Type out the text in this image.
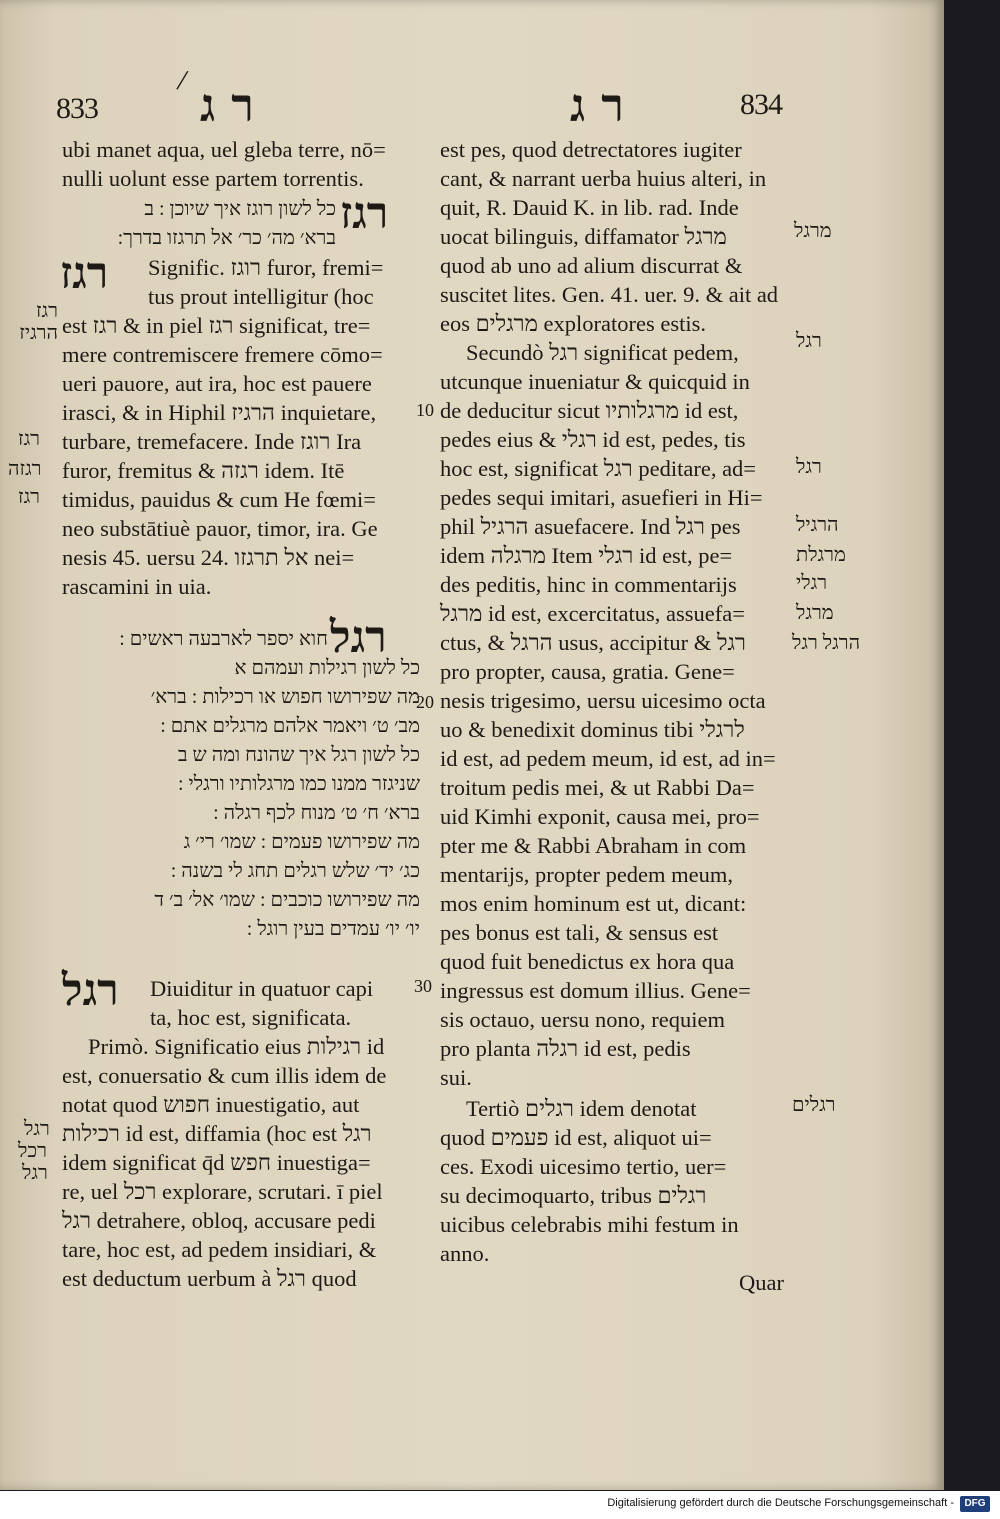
/
833 ר ג	ר ג	834
ubi manet aqua, uel gleba terre, nō=
nulli uolunt esse partem torrentis.
רגז
כל לשון רוגז איך שיוכן : ב
ברא׳ מה׳ כר׳ אל תרגזו בדרך:
רגז	Signific. רוגז furor, fremi=
tus prout intelligitur (hoc
est רגז & in piel רגז significat, tre=
mere contremiscere fremere cōmo=
ueri pauore, aut ira, hoc est pauere
irasci, & in Hiphil הרגיז inquietare,
turbare, tremefacere. Inde רוגז Ira
furor, fremitus & רגזה idem. Itē
timidus, pauidus & cum He fœmi=
neo substātiuè pauor, timor, ira. Ge
nesis 45. uersu 24. אל תרגזו nei=
rascamini in uia.
רגל
חוא יספר לארבעה ראשים :
כל לשון רגילות ועמהם א
מה שפירושו חפוש או רכילות : ברא׳
מב׳ ט׳ ויאמר אלהם מרגלים אתם :
כל לשון רגל איך שהונח ומה ש ב
שניגזר ממנו כמו מרגלותיו ורגלי :
ברא׳ ח׳ ט׳ מנוח לכף רגלה :
מה שפירושו פעמים : שמו׳ רי׳ ג
כג׳ יד׳ שלש רגלים תחג לי בשנה :
מה שפירושו כוכבים : שמו׳ אל׳ ב׳ ד
יו׳ יו׳ עמדים בעין רוגל :
רגל	Diuiditur in quatuor capi
ta, hoc est, significata.
Primò. Significatio eius רגילות id
est, conuersatio & cum illis idem de
notat quod חפוש inuestigatio, aut
רכילות id est, diffamia (hoc est רגל
idem significat q̄d חפש inuestiga=
re, uel רכל explorare, scrutari. ī piel
רגל detrahere, obloq, accusare pedi
tare, hoc est, ad pedem insidiari, &
est deductum uerbum à רגל quod
רגז הרגיז
רגז
רגזה
רגז
רגל
רכל
רגל
10
20
30
est pes, quod detrectatores iugiter
cant, & narrant uerba huius alteri, in
quit, R. Dauid K. in lib. rad. Inde
uocat bilinguis, diffamator מרגל
quod ab uno ad alium discurrat &
suscitet lites. Gen. 41. uer. 9. & ait ad
eos מרגלים exploratores estis.
Secundò רגל significat pedem,
utcunque inueniatur & quicquid in
de deducitur sicut מרגלותיו id est,
pedes eius & רגלי id est, pedes, tis
hoc est, significat רגל peditare, ad=
pedes sequi imitari, asuefieri in Hi=
phil הרגיל asuefacere. Ind רגל pes
idem מרגלה Item רגלי id est, pe=
des peditis, hinc in commentarijs
מרגל id est, excercitatus, assuefa=
ctus, & הרגל usus, accipitur & רגל
pro propter, causa, gratia. Gene=
nesis trigesimo, uersu uicesimo octa
uo & benedixit dominus tibi לרגלי
id est, ad pedem meum, id est, ad in=
troitum pedis mei, & ut Rabbi Da=
uid Kimhi exponit, causa mei, pro=
pter me & Rabbi Abraham in com
mentarijs, propter pedem meum,
mos enim hominum est ut, dicant:
pes bonus est tali, & sensus est
quod fuit benedictus ex hora qua
ingressus est domum illius. Gene=
sis octauo, uersu nono, requiem
pro planta רגלה id est, pedis
sui.
Tertiò רגלים idem denotat
quod פעמים id est, aliquot ui=
ces. Exodi uicesimo tertio, uer=
su decimoquarto, tribus רגלים
uicibus celebrabis mihi festum in
anno.
Quar
מרגל
רגל
רגל
הרגיל
מרגלת
רגלי
מרגל
הרגל רגל
רגלים
Digitalisierung gefördert durch die Deutsche Forschungsgemeinschaft -	DFG
